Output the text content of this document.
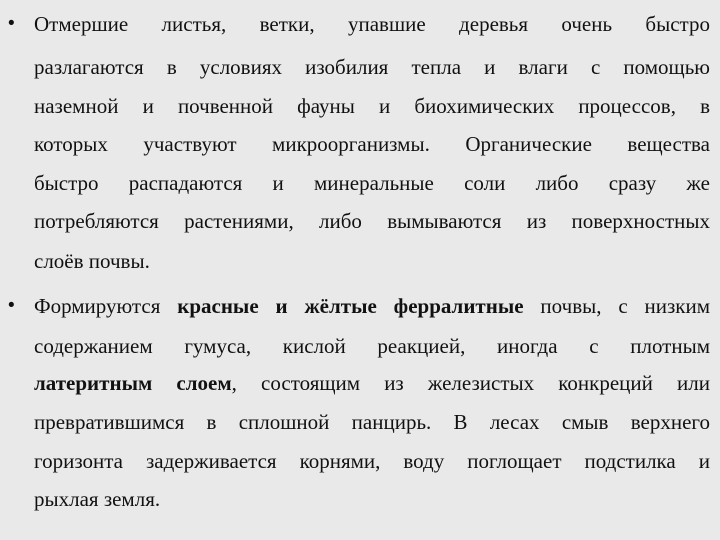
• Отмершие листья, ветки, упавшие деревья очень быстро
разлагаются в условиях изобилия тепла и влаги с помощью
наземной и почвенной фауны и биохимических процессов, в
которых участвуют микроорганизмы. Органические вещества
быстро распадаются и минеральные соли либо сразу же
потребляются растениями, либо вымываются из поверхностных
слоёв почвы.
• Формируются красные и жёлтые ферралитные почвы, с низким
содержанием гумуса, кислой реакцией, иногда с плотным
латеритным слоем, состоящим из железистых конкреций или
превратившимся в сплошной панцирь. В лесах смыв верхнего
горизонта задерживается корнями, воду поглощает подстилка и
рыхлая земля.
